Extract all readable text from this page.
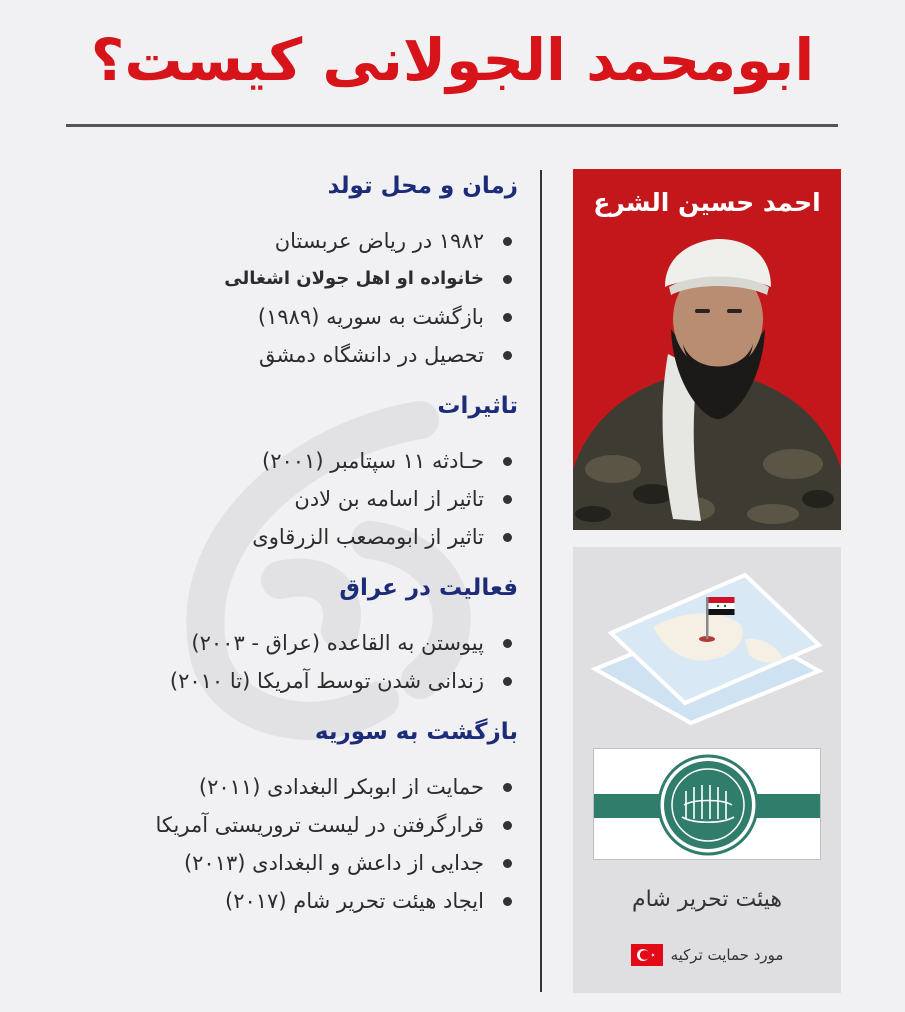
ابومحمد الجولانی کیست؟
زمان و محل تولد
۱۹۸۲ در ریاض عربستان
خانواده او اهل جولان اشغالی
بازگشت به سوریه (۱۹۸۹)
تحصیل در دانشگاه دمشق
تاثیرات
حـادثه ۱۱ سپتامبر (۲۰۰۱)
تاثیر از اسامه بن لادن
تاثیر از ابومصعب الزرقاوی
فعالیت در عراق
پیوستن به القاعده (عراق - ۲۰۰۳)
زندانی شدن توسط آمریکا (تا ۲۰۱۰)
بازگشت به سوریه
حمایت از ابوبکر البغدادی (۲۰۱۱)
قرارگرفتن در لیست تروریستی آمریکا
جدایی از داعش و البغدادی (۲۰۱۳)
ایجاد هیئت تحریر شام (۲۰۱۷)
احمد حسین الشرع
هیئت تحریر شام
مورد حمایت ترکیه
